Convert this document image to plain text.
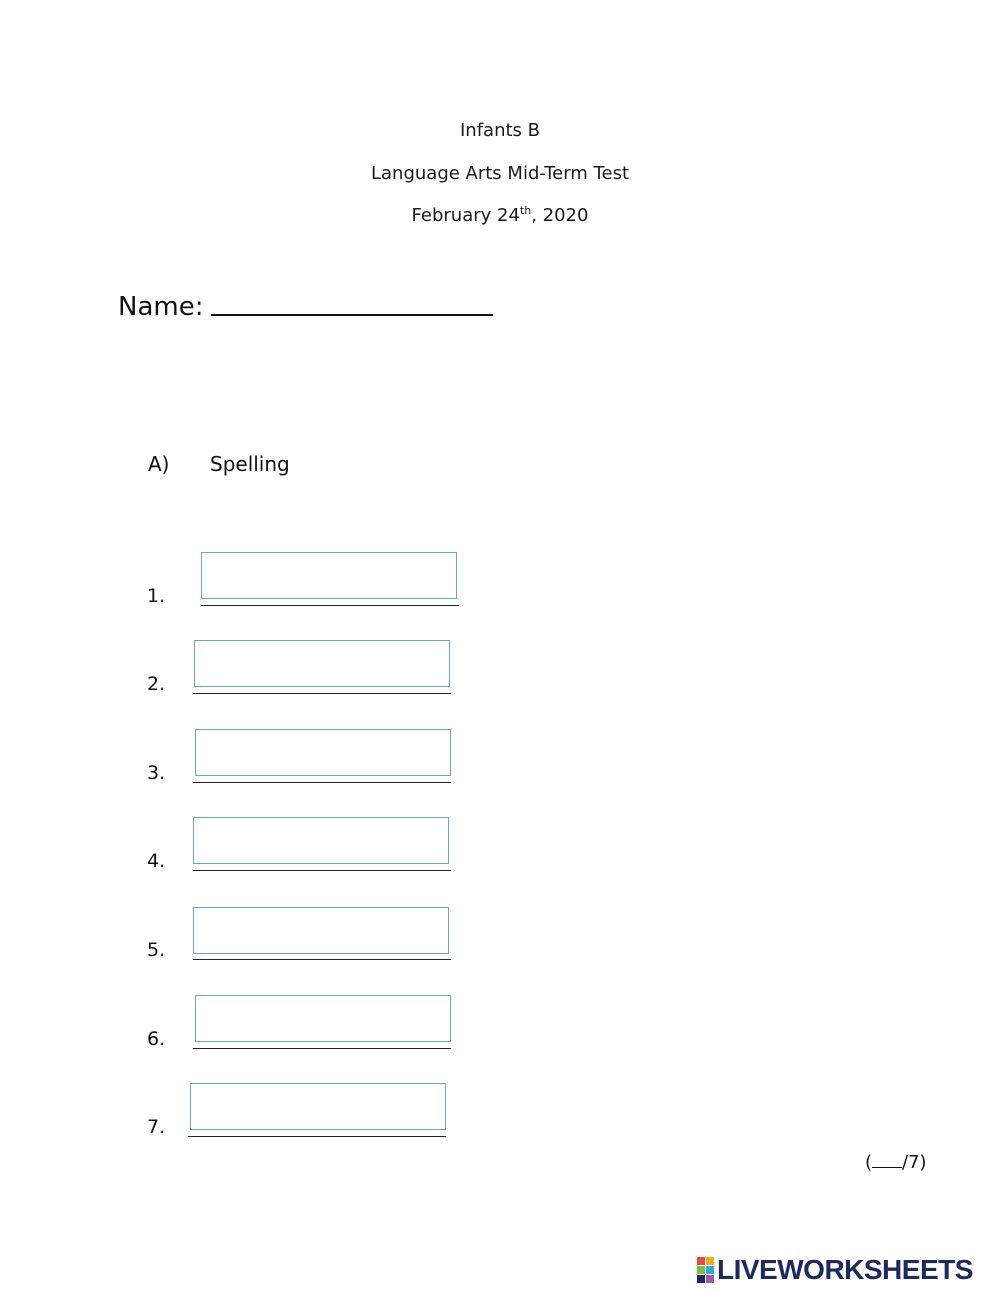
Infants B
Language Arts Mid-Term Test
February 24th, 2020
Name:
A) Spelling
1.
2.
3.
4.
5.
6.
7.
( /7)
LIVEWORKSHEETS
